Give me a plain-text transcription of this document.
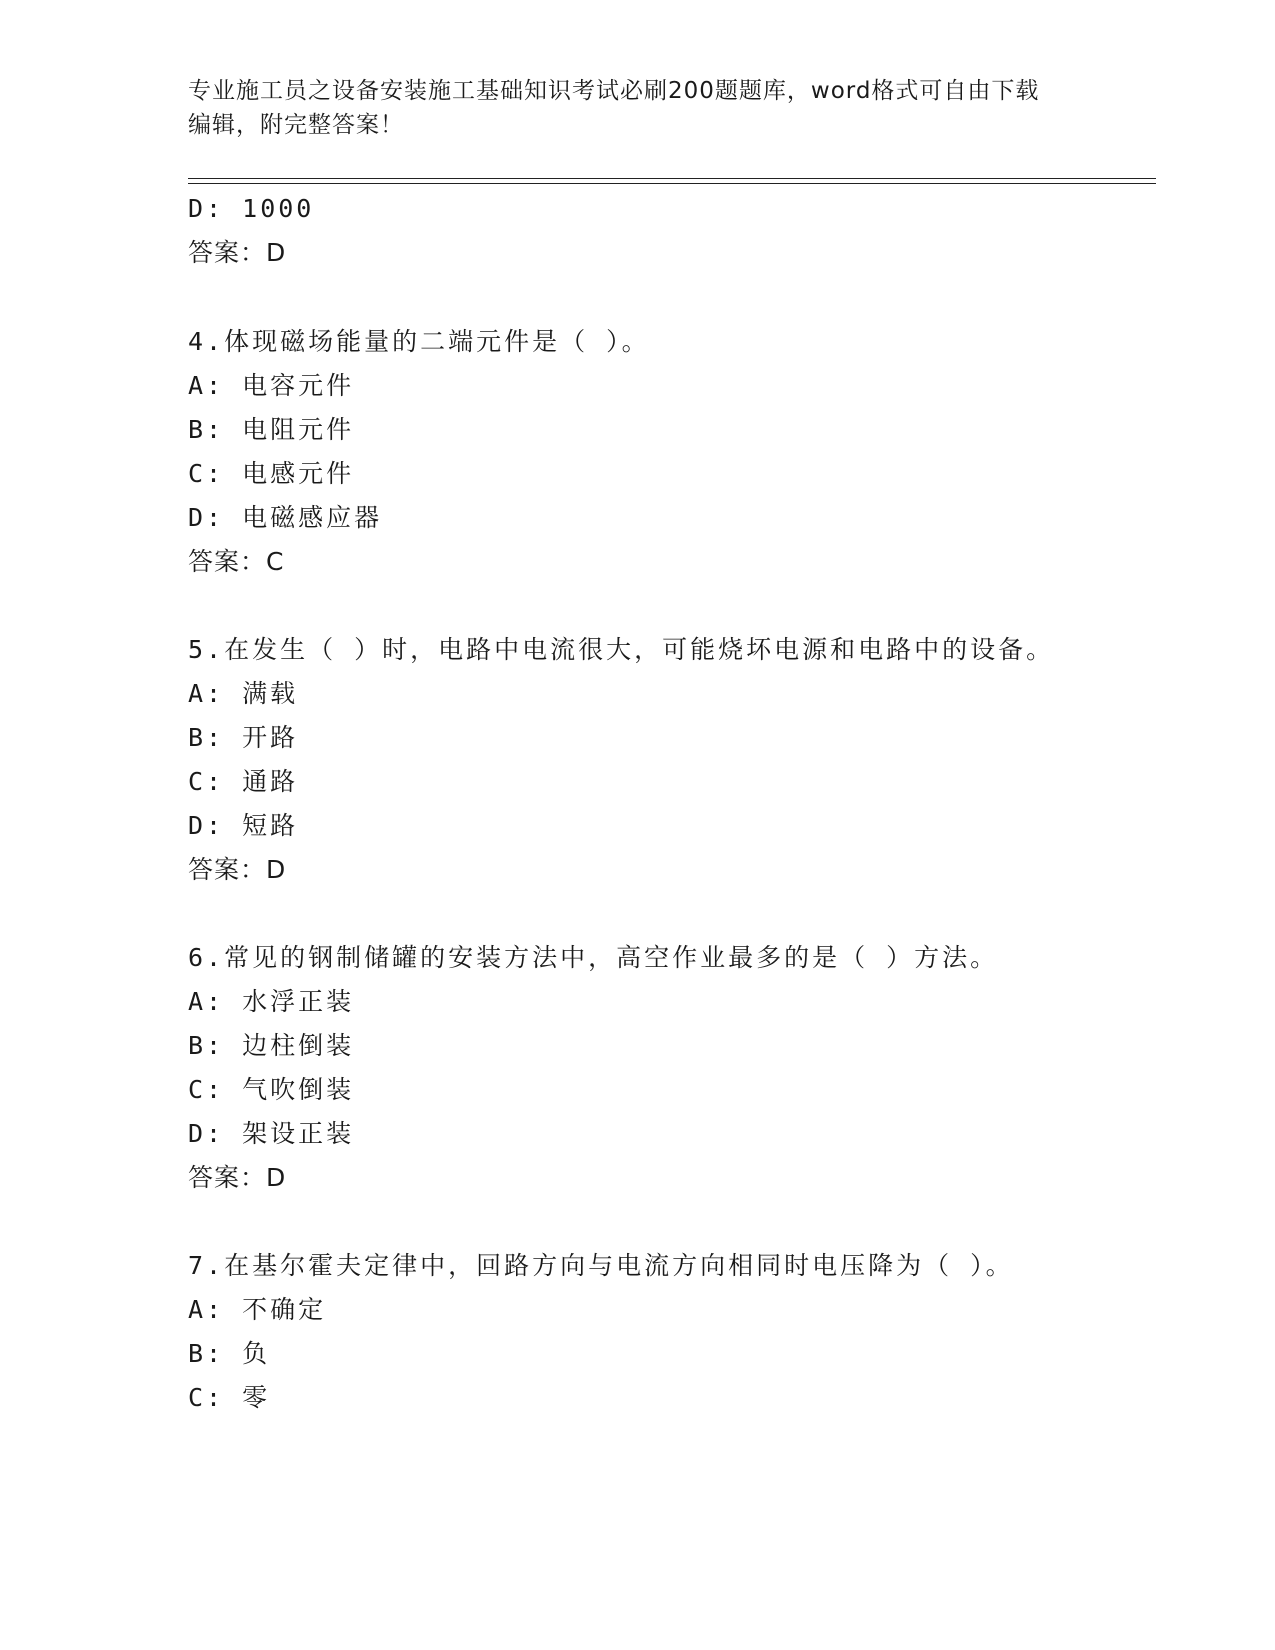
专业施工员之设备安装施工基础知识考试必刷200题题库，word格式可自由下载
编辑，附完整答案！
D: 1000
答案：D
4.体现磁场能量的二端元件是（ ）。
A: 电容元件
B: 电阻元件
C: 电感元件
D: 电磁感应器
答案：C
5.在发生（ ）时，电路中电流很大，可能烧坏电源和电路中的设备。
A: 满载
B: 开路
C: 通路
D: 短路
答案：D
6.常见的钢制储罐的安装方法中，高空作业最多的是（ ）方法。
A: 水浮正装
B: 边柱倒装
C: 气吹倒装
D: 架设正装
答案：D
7.在基尔霍夫定律中，回路方向与电流方向相同时电压降为（ ）。
A: 不确定
B: 负
C: 零
